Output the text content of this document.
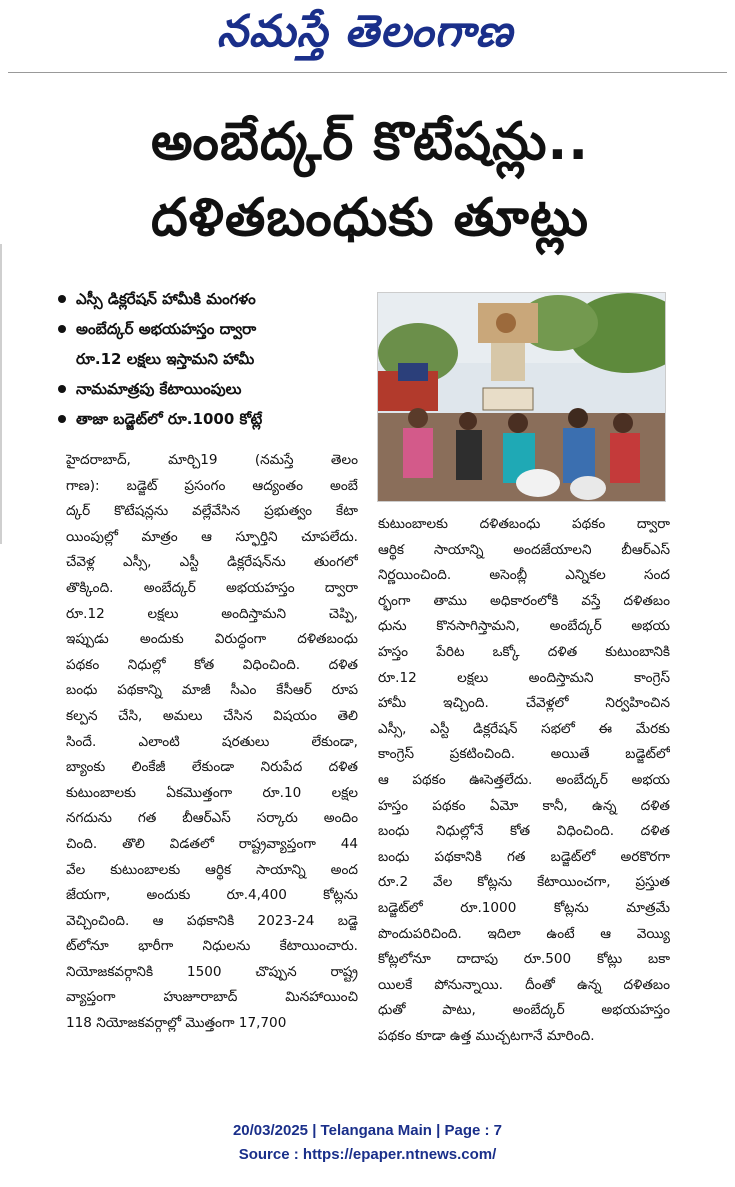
నమస్తే తెలంగాణ
అంబేద్కర్ కొటేషన్లు..
దళితబంధుకు తూట్లు
ఎస్సీ డిక్లరేషన్ హామీకి మంగళం
అంబేద్కర్ అభయహస్తం ద్వారా
రూ.12 లక్షలు ఇస్తామని హామీ
నామమాత్రపు కేటాయింపులు
తాజా బడ్జెట్‌లో రూ.1000 కోట్లే
హైదరాబాద్, మార్చి19 (నమస్తే తెలం
గాణ): బడ్జెట్ ప్రసంగం ఆద్యంతం అంబే
ద్కర్ కొటేషన్లను వల్లేవేసిన ప్రభుత్వం కేటా
యింపుల్లో మాత్రం ఆ స్ఫూర్తిని చూపలేదు.
చేవెళ్ల ఎస్సీ, ఎస్టీ డిక్లరేషన్‌ను తుంగలో
తొక్కింది. అంబేద్కర్ అభయహస్తం ద్వారా
రూ.12 లక్షలు అందిస్తామని చెప్పి,
ఇప్పుడు అందుకు విరుద్ధంగా దళితబంధు
పథకం నిధుల్లో కోత విధించింది. దళిత
బంధు పథకాన్ని మాజీ సీఎం కేసీఆర్ రూప
కల్పన చేసి, అమలు చేసిన విషయం తెలి
సిందే. ఎలాంటి షరతులు లేకుండా,
బ్యాంకు లింకేజీ లేకుండా నిరుపేద దళిత
కుటుంబాలకు ఏకమొత్తంగా రూ.10 లక్షల
నగదును గత బీఆర్‌ఎస్ సర్కారు అందిం
చింది. తొలి విడతలో రాష్ట్రవ్యాప్తంగా 44
వేల కుటుంబాలకు ఆర్థిక సాయాన్ని అంద
జేయగా, అందుకు రూ.4,400 కోట్లను
వెచ్చించింది. ఆ పథకానికి 2023-24 బడ్జె
ట్‌లోనూ భారీగా నిధులను కేటాయించారు.
నియోజకవర్గానికి 1500 చొప్పున రాష్ట్ర
వ్యాప్తంగా హుజూరాబాద్ మినహాయించి
118 నియోజకవర్గాల్లో మొత్తంగా 17,700
కుటుంబాలకు దళితబంధు పథకం ద్వారా
ఆర్థిక సాయాన్ని అందజేయాలని బీఆర్‌ఎస్
నిర్ణయించింది. అసెంబ్లీ ఎన్నికల సంద
ర్భంగా తాము అధికారంలోకి వస్తే దళితబం
ధును కొనసాగిస్తామని, అంబేద్కర్ అభయ
హస్తం పేరిట ఒక్కో దళిత కుటుంబానికి
రూ.12 లక్షలు అందిస్తామని కాంగ్రెస్
హామీ ఇచ్చింది. చేవెళ్లలో నిర్వహించిన
ఎస్సీ, ఎస్టీ డిక్లరేషన్ సభలో ఈ మేరకు
కాంగ్రెస్ ప్రకటించింది. అయితే బడ్జెట్‌లో
ఆ పథకం ఊసెత్తలేదు. అంబేద్కర్ అభయ
హస్తం పథకం ఏమో కానీ, ఉన్న దళిత
బంధు నిధుల్లోనే కోత విధించింది. దళిత
బంధు పథకానికి గత బడ్జెట్‌లో అరకొరగా
రూ.2 వేల కోట్లను కేటాయించగా, ప్రస్తుత
బడ్జెట్‌లో రూ.1000 కోట్లను మాత్రమే
పొందుపరిచింది. ఇదిలా ఉంటే ఆ వెయ్యి
కోట్లలోనూ దాదాపు రూ.500 కోట్లు బకా
యిలకే పోనున్నాయి. దీంతో ఉన్న దళితబం
ధుతో పాటు, అంబేద్కర్ అభయహస్తం
పథకం కూడా ఉత్త ముచ్చటగానే మారింది.
20/03/2025 | Telangana Main | Page : 7
Source : https://epaper.ntnews.com/
